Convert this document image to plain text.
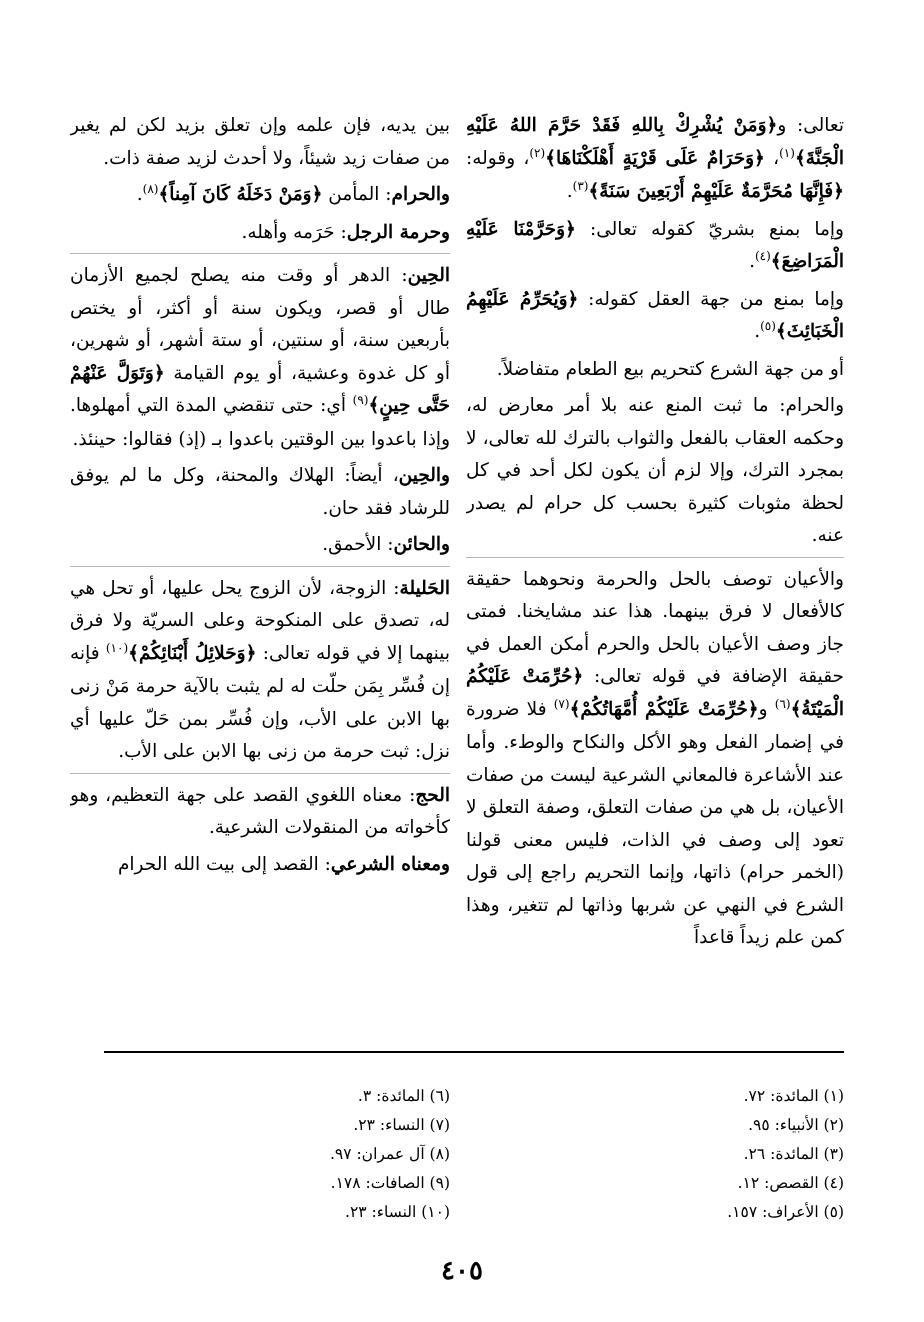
تعالى: و﴿وَمَنْ يُشْرِكْ بِاللهِ فَقَدْ حَرَّمَ اللهُ عَلَيْهِ الْجَنَّةَ﴾$^{(١)}$، ﴿وَحَرَامٌ عَلَى قَرْيَةٍ أَهْلَكْنَاهَا﴾$^{(٢)}$، وقوله: ﴿فَإِنَّهَا مُحَرَّمَةٌ عَلَيْهِمْ أَرْبَعِينَ سَنَةً﴾$^{(٣)}$.

وإما بمنع بشريّ كقوله تعالى: ﴿وَحَرَّمْنَا عَلَيْهِ الْمَرَاضِعَ﴾$^{(٤)}$.

وإما بمنع من جهة العقل كقوله: ﴿وَيُحَرِّمُ عَلَيْهِمُ الْخَبَائِثَ﴾$^{(٥)}$.

أو من جهة الشرع كتحريم بيع الطعام متفاضلاً.

والحرام: ما ثبت المنع عنه بلا أمر معارض له، وحكمه العقاب بالفعل والثواب بالترك لله تعالى، لا بمجرد الترك، وإلا لزم أن يكون لكل أحد في كل لحظة مثوبات كثيرة بحسب كل حرام لم يصدر عنه.

والأعيان توصف بالحل والحرمة ونحوهما حقيقة كالأفعال لا فرق بينهما. هذا عند مشايخنا. فمتى جاز وصف الأعيان بالحل والحرم أمكن العمل في حقيقة الإضافة في قوله تعالى: ﴿حُرِّمَتْ عَلَيْكُمُ الْمَيْتَةُ﴾$^{(٦)}$ و﴿حُرِّمَتْ عَلَيْكُمْ أُمَّهَاتُكُمْ﴾$^{(٧)}$ فلا ضرورة في إضمار الفعل وهو الأكل والنكاح والوطء. وأما عند الأشاعرة فالمعاني الشرعية ليست من صفات الأعيان، بل هي من صفات التعلق، وصفة التعلق لا تعود إلى وصف في الذات، فليس معنى قولنا (الخمر حرام) ذاتها، وإنما التحريم راجع إلى قول الشرع في النهي عن شربها وذاتها لم تتغير، وهذا كمن علم زيداً قاعداً

بين يديه، فإن علمه وإن تعلق بزيد لكن لم يغير من صفات زيد شيئاً، ولا أحدث لزيد صفة ذات.

والحرام: المأمن ﴿وَمَنْ دَخَلَهُ كَانَ آمِناً﴾$^{(٨)}$.

وحرمة الرجل: حَرَمه وأهله.

الحِين: الدهر أو وقت منه يصلح لجميع الأزمان طال أو قصر، ويكون سنة أو أكثر، أو يختص بأربعين سنة، أو سنتين، أو ستة أشهر، أو شهرين، أو كل غدوة وعشية، أو يوم القيامة ﴿وَتَوَلَّ عَنْهُمْ حَتَّى حِينٍ﴾$^{(٩)}$ أي: حتى تنقضي المدة التي أمهلوها. وإذا باعدوا بين الوقتين باعدوا بـ (إذ) فقالوا: حينئذ.

والحِين، أيضاً: الهلاك والمحنة، وكل ما لم يوفق للرشاد فقد حان.

والحائن: الأحمق.

الحَليلة: الزوجة، لأن الزوج يحل عليها، أو تحل هي له، تصدق على المنكوحة وعلى السريّة ولا فرق بينهما إلا في قوله تعالى: ﴿وَحَلائِلُ أَبْنَائِكُمْ﴾$^{(١٠)}$ فإنه إن فُسِّر بِمَن حلّت له لم يثبت بالآية حرمة مَنْ زنى بها الابن على الأب، وإن فُسِّر بمن حَلّ عليها أي نزل: ثبت حرمة من زنى بها الابن على الأب.

الحج: معناه اللغوي القصد على جهة التعظيم، وهو كأخواته من المنقولات الشرعية.

ومعناه الشرعي: القصد إلى بيت الله الحرام

(١) المائدة: ٧٢.
(٢) الأنبياء: ٩٥.
(٣) المائدة: ٢٦.
(٤) القصص: ١٢.
(٥) الأعراف: ١٥٧.
(٦) المائدة: ٣.
(٧) النساء: ٢٣.
(٨) آل عمران: ٩٧.
(٩) الصافات: ١٧٨.
(١٠) النساء: ٢٣.
٤٠٥
